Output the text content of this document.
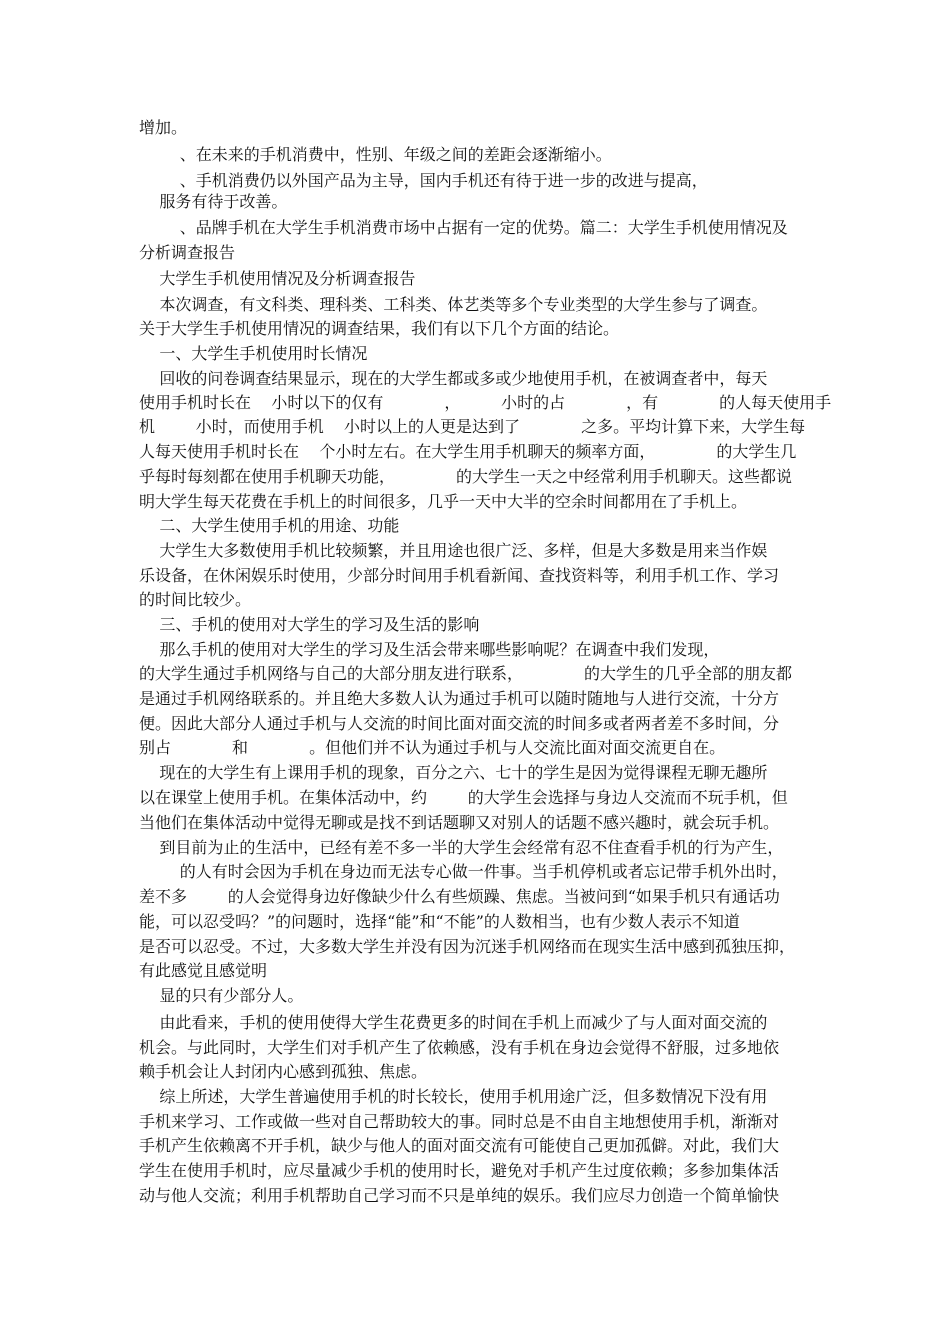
增加。
、在未来的手机消费中，性别、年级之间的差距会逐渐缩小。
、手机消费仍以外国产品为主导，国内手机还有待于进一步的改进与提高，
服务有待于改善。
、品牌手机在大学生手机消费市场中占据有一定的优势。篇二：大学生手机使用情况及
分析调查报告
大学生手机使用情况及分析调查报告
本次调查，有文科类、理科类、工科类、体艺类等多个专业类型的大学生参与了调查。
关于大学生手机使用情况的调查结果，我们有以下几个方面的结论。
一、大学生手机使用时长情况
回收的问卷调查结果显示，现在的大学生都或多或少地使用手机，在被调查者中，每天
使用手机时长在    小时以下的仅有            ，        小时的占            ，有            的人每天使用手
机        小时，而使用手机    小时以上的人更是达到了            之多。平均计算下来，大学生每
人每天使用手机时长在    个小时左右。在大学生用手机聊天的频率方面，            的大学生几
乎每时每刻都在使用手机聊天功能，            的大学生一天之中经常利用手机聊天。这些都说
明大学生每天花费在手机上的时间很多，几乎一天中大半的空余时间都用在了手机上。
二、大学生使用手机的用途、功能
大学生大多数使用手机比较频繁，并且用途也很广泛、多样，但是大多数是用来当作娱
乐设备，在休闲娱乐时使用，少部分时间用手机看新闻、查找资料等，利用手机工作、学习
的时间比较少。
三、手机的使用对大学生的学习及生活的影响
那么手机的使用对大学生的学习及生活会带来哪些影响呢？在调查中我们发现，
的大学生通过手机网络与自己的大部分朋友进行联系，            的大学生的几乎全部的朋友都
是通过手机网络联系的。并且绝大多数人认为通过手机可以随时随地与人进行交流，十分方
便。因此大部分人通过手机与人交流的时间比面对面交流的时间多或者两者差不多时间，分
别占            和            。但他们并不认为通过手机与人交流比面对面交流更自在。
现在的大学生有上课用手机的现象，百分之六、七十的学生是因为觉得课程无聊无趣所
以在课堂上使用手机。在集体活动中，约        的大学生会选择与身边人交流而不玩手机，但
当他们在集体活动中觉得无聊或是找不到话题聊又对别人的话题不感兴趣时，就会玩手机。
到目前为止的生活中，已经有差不多一半的大学生会经常有忍不住查看手机的行为产生，
的人有时会因为手机在身边而无法专心做一件事。当手机停机或者忘记带手机外出时，
差不多        的人会觉得身边好像缺少什么有些烦躁、焦虑。当被问到“如果手机只有通话功
能，可以忍受吗？”的问题时，选择“能”和“不能”的人数相当，也有少数人表示不知道
是否可以忍受。不过，大多数大学生并没有因为沉迷手机网络而在现实生活中感到孤独压抑，
有此感觉且感觉明
显的只有少部分人。
由此看来，手机的使用使得大学生花费更多的时间在手机上而减少了与人面对面交流的
机会。与此同时，大学生们对手机产生了依赖感，没有手机在身边会觉得不舒服，过多地依
赖手机会让人封闭内心感到孤独、焦虑。
综上所述，大学生普遍使用手机的时长较长，使用手机用途广泛，但多数情况下没有用
手机来学习、工作或做一些对自己帮助较大的事。同时总是不由自主地想使用手机，渐渐对
手机产生依赖离不开手机，缺少与他人的面对面交流有可能使自己更加孤僻。对此，我们大
学生在使用手机时，应尽量减少手机的使用时长，避免对手机产生过度依赖；多参加集体活
动与他人交流；利用手机帮助自己学习而不只是单纯的娱乐。我们应尽力创造一个简单愉快
